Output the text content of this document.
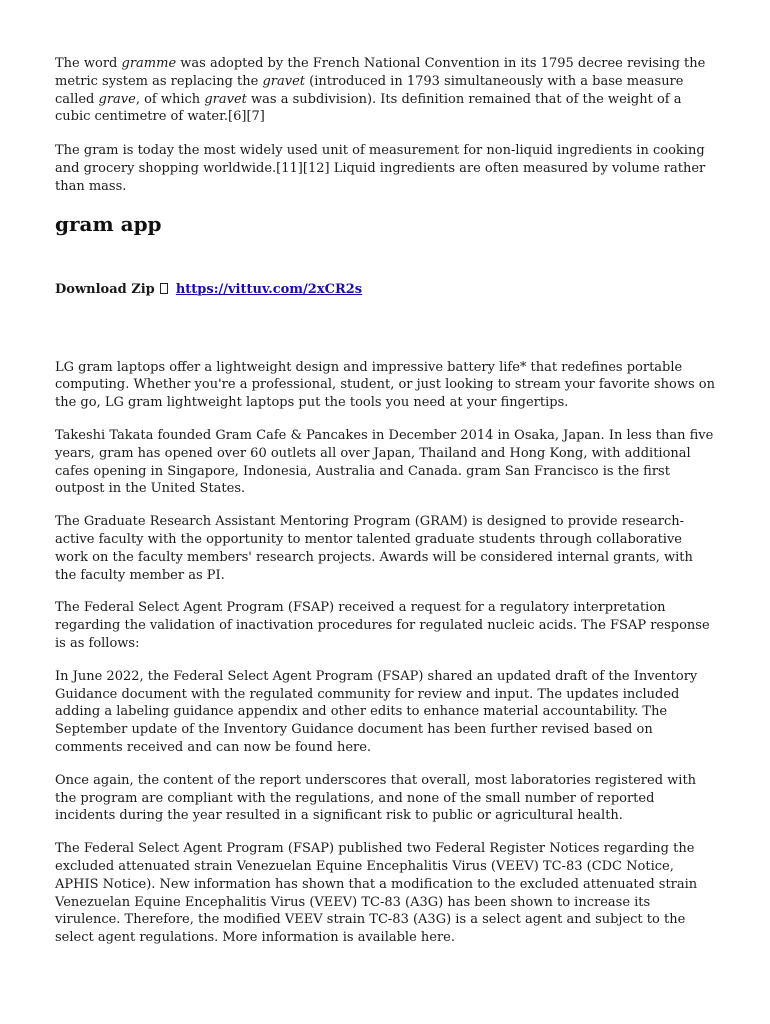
The word gramme was adopted by the French National Convention in its 1795 decree revising the metric system as replacing the gravet (introduced in 1793 simultaneously with a base measure called grave, of which gravet was a subdivision). Its definition remained that of the weight of a cubic centimetre of water.[6][7]

The gram is today the most widely used unit of measurement for non-liquid ingredients in cooking and grocery shopping worldwide.[11][12] Liquid ingredients are often measured by volume rather than mass.

gram app
Download Zip https://vittuv.com/2xCR2s

LG gram laptops offer a lightweight design and impressive battery life* that redefines portable computing. Whether you're a professional, student, or just looking to stream your favorite shows on the go, LG gram lightweight laptops put the tools you need at your fingertips.

Takeshi Takata founded Gram Cafe & Pancakes in December 2014 in Osaka, Japan. In less than five years, gram has opened over 60 outlets all over Japan, Thailand and Hong Kong, with additional cafes opening in Singapore, Indonesia, Australia and Canada. gram San Francisco is the first outpost in the United States.

The Graduate Research Assistant Mentoring Program (GRAM) is designed to provide research-active faculty with the opportunity to mentor talented graduate students through collaborative work on the faculty members' research projects. Awards will be considered internal grants, with the faculty member as PI.

The Federal Select Agent Program (FSAP) received a request for a regulatory interpretation regarding the validation of inactivation procedures for regulated nucleic acids. The FSAP response is as follows:

In June 2022, the Federal Select Agent Program (FSAP) shared an updated draft of the Inventory Guidance document with the regulated community for review and input. The updates included adding a labeling guidance appendix and other edits to enhance material accountability. The September update of the Inventory Guidance document has been further revised based on comments received and can now be found here.

Once again, the content of the report underscores that overall, most laboratories registered with the program are compliant with the regulations, and none of the small number of reported incidents during the year resulted in a significant risk to public or agricultural health.

The Federal Select Agent Program (FSAP) published two Federal Register Notices regarding the excluded attenuated strain Venezuelan Equine Encephalitis Virus (VEEV) TC-83 (CDC Notice, APHIS Notice). New information has shown that a modification to the excluded attenuated strain Venezuelan Equine Encephalitis Virus (VEEV) TC-83 (A3G) has been shown to increase its virulence. Therefore, the modified VEEV strain TC-83 (A3G) is a select agent and subject to the select agent regulations. More information is available here.
